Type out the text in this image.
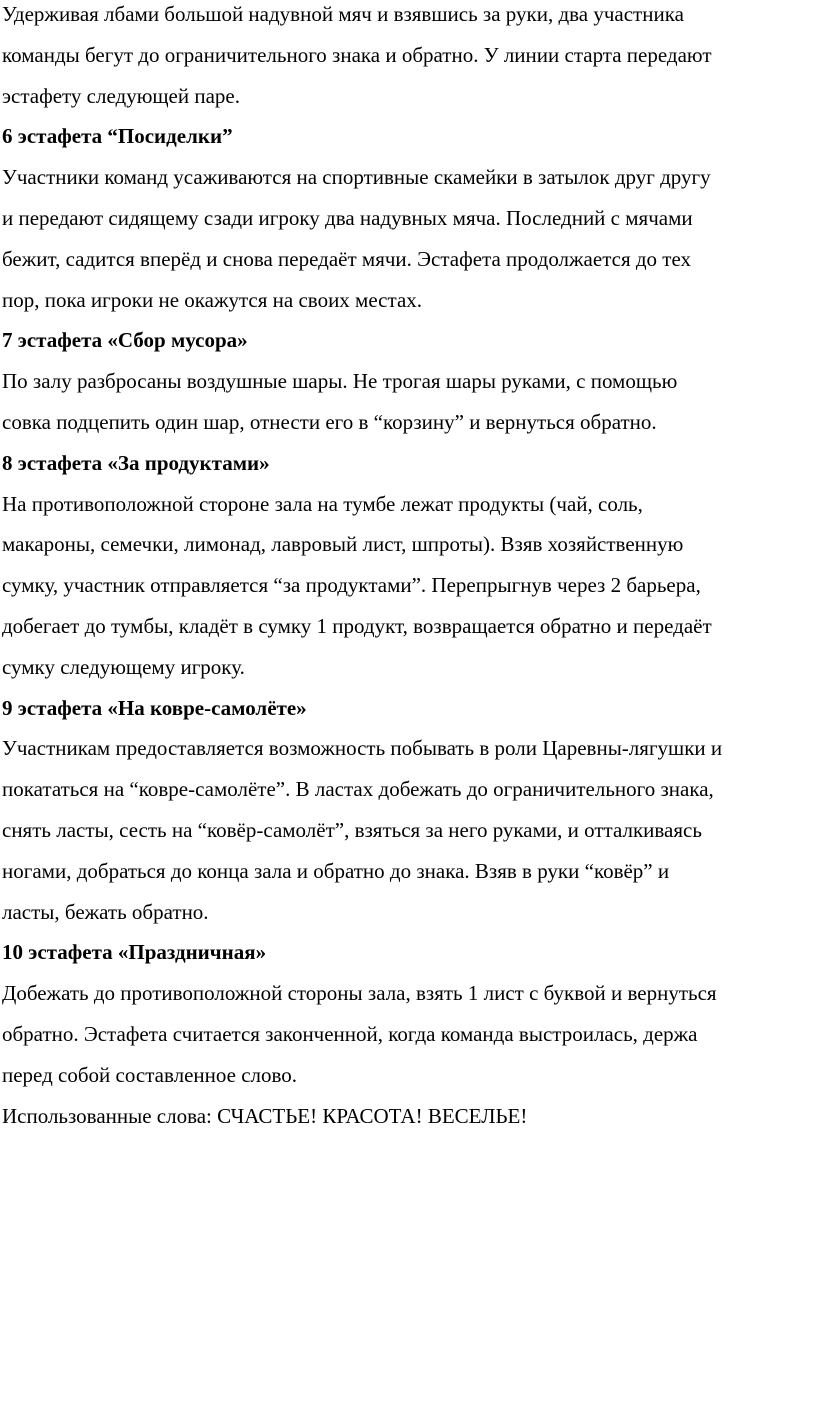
Удерживая лбами большой надувной мяч и взявшись за руки, два участника
команды бегут до ограничительного знака и обратно. У линии старта передают
эстафету следующей паре.
6 эстафета “Посиделки”
Участники команд усаживаются на спортивные скамейки в затылок друг другу
и передают сидящему сзади игроку два надувных мяча. Последний с мячами
бежит, садится вперёд и снова передаёт мячи. Эстафета продолжается до тех
пор, пока игроки не окажутся на своих местах.
7 эстафета «Сбор мусора»
По залу разбросаны воздушные шары. Не трогая шары руками, с помощью
совка подцепить один шар, отнести его в “корзину” и вернуться обратно.
8 эстафета «За продуктами»
На противоположной стороне зала на тумбе лежат продукты (чай, соль,
макароны, семечки, лимонад, лавровый лист, шпроты). Взяв хозяйственную
сумку, участник отправляется “за продуктами”. Перепрыгнув через 2 барьера,
добегает до тумбы, кладёт в сумку 1 продукт, возвращается обратно и передаёт
сумку следующему игроку.
9 эстафета «На ковре-самолёте»
Участникам предоставляется возможность побывать в роли Царевны-лягушки и
покататься на “ковре-самолёте”. В ластах добежать до ограничительного знака,
снять ласты, сесть на “ковёр-самолёт”, взяться за него руками, и отталкиваясь
ногами, добраться до конца зала и обратно до знака. Взяв в руки “ковёр” и
ласты, бежать обратно.
10 эстафета «Праздничная»
Добежать до противоположной стороны зала, взять 1 лист с буквой и вернуться
обратно. Эстафета считается законченной, когда команда выстроилась, держа
перед собой составленное слово.
Использованные слова: СЧАСТЬЕ! КРАСОТА! ВЕСЕЛЬЕ!
